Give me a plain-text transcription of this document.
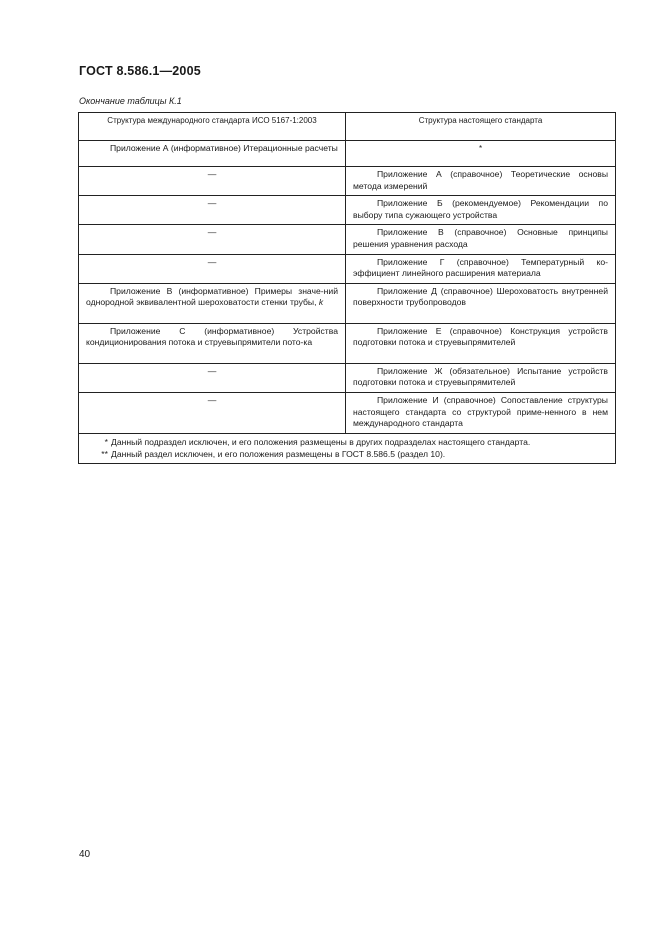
ГОСТ 8.586.1—2005
Окончание таблицы К.1
Структура международного стандарта ИСО 5167-1:2003	Структура настоящего стандарта
Приложение А (информативное) Итерационные расчеты	*
—	Приложение А (справочное) Теоретические основы метода измерений
—	Приложение Б (рекомендуемое) Рекомендации по выбору типа сужающего устройства
—	Приложение В (справочное) Основные принципы решения уравнения расхода
—	Приложение Г (справочное) Температурный ко-эффициент линейного расширения материала
Приложение В (информативное) Примеры значе-ний однородной эквивалентной шероховатости стенки трубы, k	Приложение Д (справочное) Шероховатость внутренней поверхности трубопроводов
Приложение С (информативное) Устройства кондиционирования потока и струевыпрямители пото-ка	Приложение Е (справочное) Конструкция устройств подготовки потока и струевыпрямителей
—	Приложение Ж (обязательное) Испытание устройств подготовки потока и струевыпрямителей
—	Приложение И (справочное) Сопоставление структуры настоящего стандарта со структурой приме-ненного в нем международного стандарта

* Данный подраздел исключен, и его положения размещены в других подразделах настоящего стандарта.
** Данный раздел исключен, и его положения размещены в ГОСТ 8.586.5 (раздел 10).	
40
